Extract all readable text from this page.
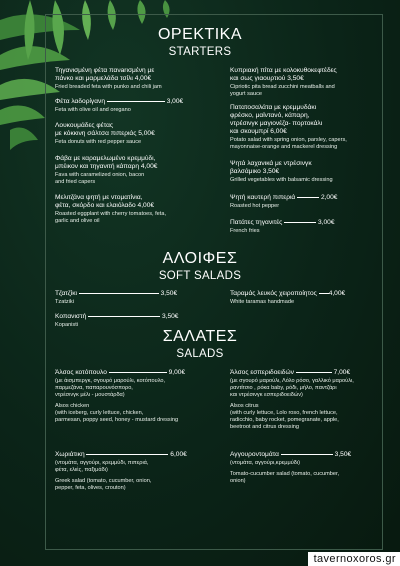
ΟΡΕΚΤΙΚΑ
STARTERS
Τηγανισμένη φέτα πανarισμένη με
πάνκο και μαρμελάδα τσίλι 4,00€
Fried breaded feta with punko and chili jam
Φέτα λαδορίγανη	3,00€
Feta with olive oil and oregano
Λουκουμάδες φέτας
με κόκκινη σάλτσα πιπεριάς 5,00€
Feta donuts with red pepper sauce
Φάβα με καραμελωμένο κρεμμύδι,
μπέικον και τηγανιτή κάπαρη 4,00€
Fava with caramelized onion, bacon
and fried capers
Μελιτζάνα ψητή με ντοματίνια,
φέτα, σκόρδο και ελαιόλαδο 4,00€
Roasted eggplant with cherry tomatoes, feta,
garlic and olive oil
Κυπριακή πίτα με κολοκυθοκεφτέδες
και σως γιαουρτιού 3,50€
Cipriotic pita bread zucchini meatballs and
yogurt sauce
Πατατοσαλάτα με κρεμμυδάκι
φρέσκο, μαϊντανό, κάπαρη,
ντρέσινγκ μαγιονέζα- πορτοκάλι
και σκουμπρί 6,00€
Potato salad with spring onion, parsley, capers,
mayonnaise-orange and mackerel dressing
Ψητά λαχανικά με ντρέσινγκ
βαλσάμικο 3,50€
Grilled vegetables with balsamic dressing
Ψητή καυτερή πιπεριά	2,00€
Roasted hot pepper
Πατάτες τηγανιτές	3,00€
French fries
ΑΛΟΙΦΕΣ
SOFT SALADS
Τζατζίκι	3,50€
Tzatziki
Κοπανιστή	3,50€
Kopanisti
Ταραμάς λευκός χειροποίητος 4,00€
White taramas handmade
ΣΑΛΑΤΕΣ
SALADS
Άλσος κοτόπουλο	9,00€
(με άισμπεργκ, σγουρό μαρούλι, κοτόπουλο,
παρμεζάνα, παπαρουνόσπορο,
ντρέσινγκ μέλι - μουστάρδα)
Alsos chicken
(with iceberg, curly lettuce, chicken,
parmesan, poppy seed, honey - mustard dressing
Χωριάτικη	6,00€
(ντομάτα, αγγούρι, κρεμμύδι, πιπεριά,
φέτα, ελιές, παξιμάδι)
Greek salad (tomato, cucumber, onion,
pepper, feta, olives, crouton)
Άλσος εσπεριδοειδών	7,00€
(με σγουρό μαρούλι, Λόλο ρόσο, γαλλικό μαρούλι,
ραντίτσιο , ρόκα baby, ρόδι, μήλο, παντζάρι
και ντρέσινγκ εσπεριδοειδών)
Alsos citrus
(with curly lettuce, Lolo roso, french lettuce,
radicchio, baby rocket, pomegranate, apple,
beetroot and citrus dressing
Αγγουροντομάτα	3,50€
(ντομάτα, αγγούρι,κρεμμύδι)
Tomato-cucumber salad (tomato, cucumber,
onion)
tavernoxoros.gr
